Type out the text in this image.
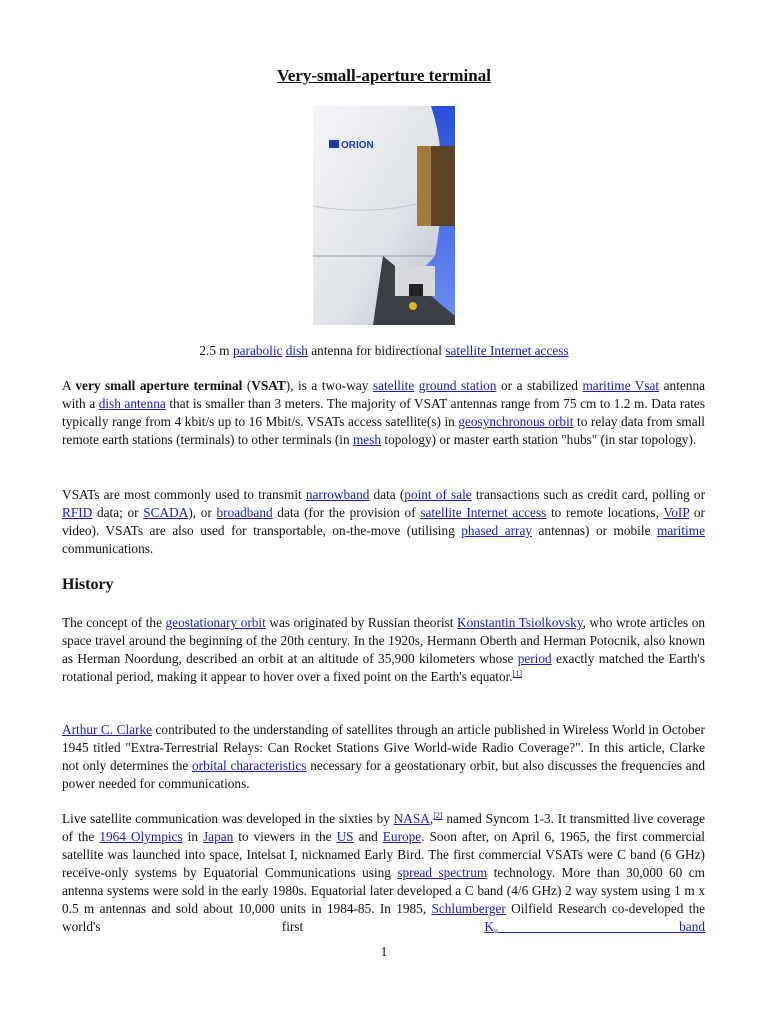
Very-small-aperture terminal
ORION
2.5 m parabolic dish antenna for bidirectional satellite Internet access

A very small aperture terminal (VSAT), is a two-way satellite ground station or a stabilized maritime Vsat antenna with a dish antenna that is smaller than 3 meters. The majority of VSAT antennas range from 75 cm to 1.2 m. Data rates typically range from 4 kbit/s up to 16 Mbit/s. VSATs access satellite(s) in geosynchronous orbit to relay data from small remote earth stations (terminals) to other terminals (in mesh topology) or master earth station "hubs" (in star topology).

VSATs are most commonly used to transmit narrowband data (point of sale transactions such as credit card, polling or RFID data; or SCADA), or broadband data (for the provision of satellite Internet access to remote locations, VoIP or video). VSATs are also used for transportable, on-the-move (utilising phased array antennas) or mobile maritime communications.

History

The concept of the geostationary orbit was originated by Russian theorist Konstantin Tsiolkovsky, who wrote articles on space travel around the beginning of the 20th century. In the 1920s, Hermann Oberth and Herman Potocnik, also known as Herman Noordung, described an orbit at an altitude of 35,900 kilometers whose period exactly matched the Earth's rotational period, making it appear to hover over a fixed point on the Earth's equator.[1]

Arthur C. Clarke contributed to the understanding of satellites through an article published in Wireless World in October 1945 titled "Extra-Terrestrial Relays: Can Rocket Stations Give World-wide Radio Coverage?". In this article, Clarke not only determines the orbital characteristics necessary for a geostationary orbit, but also discusses the frequencies and power needed for communications.

Live satellite communication was developed in the sixties by NASA,[2] named Syncom 1-3. It transmitted live coverage of the 1964 Olympics in Japan to viewers in the US and Europe. Soon after, on April 6, 1965, the first commercial satellite was launched into space, Intelsat I, nicknamed Early Bird. The first commercial VSATs were C band (6 GHz) receive-only systems by Equatorial Communications using spread spectrum technology. More than 30,000 60 cm antenna systems were sold in the early 1980s. Equatorial later developed a C band (4/6 GHz) 2 way system using 1 m x 0.5 m antennas and sold about 10,000 units in 1984-85. In 1985, Schlumberger Oilfield Research co-developed the world's first $K_u$ band

1
